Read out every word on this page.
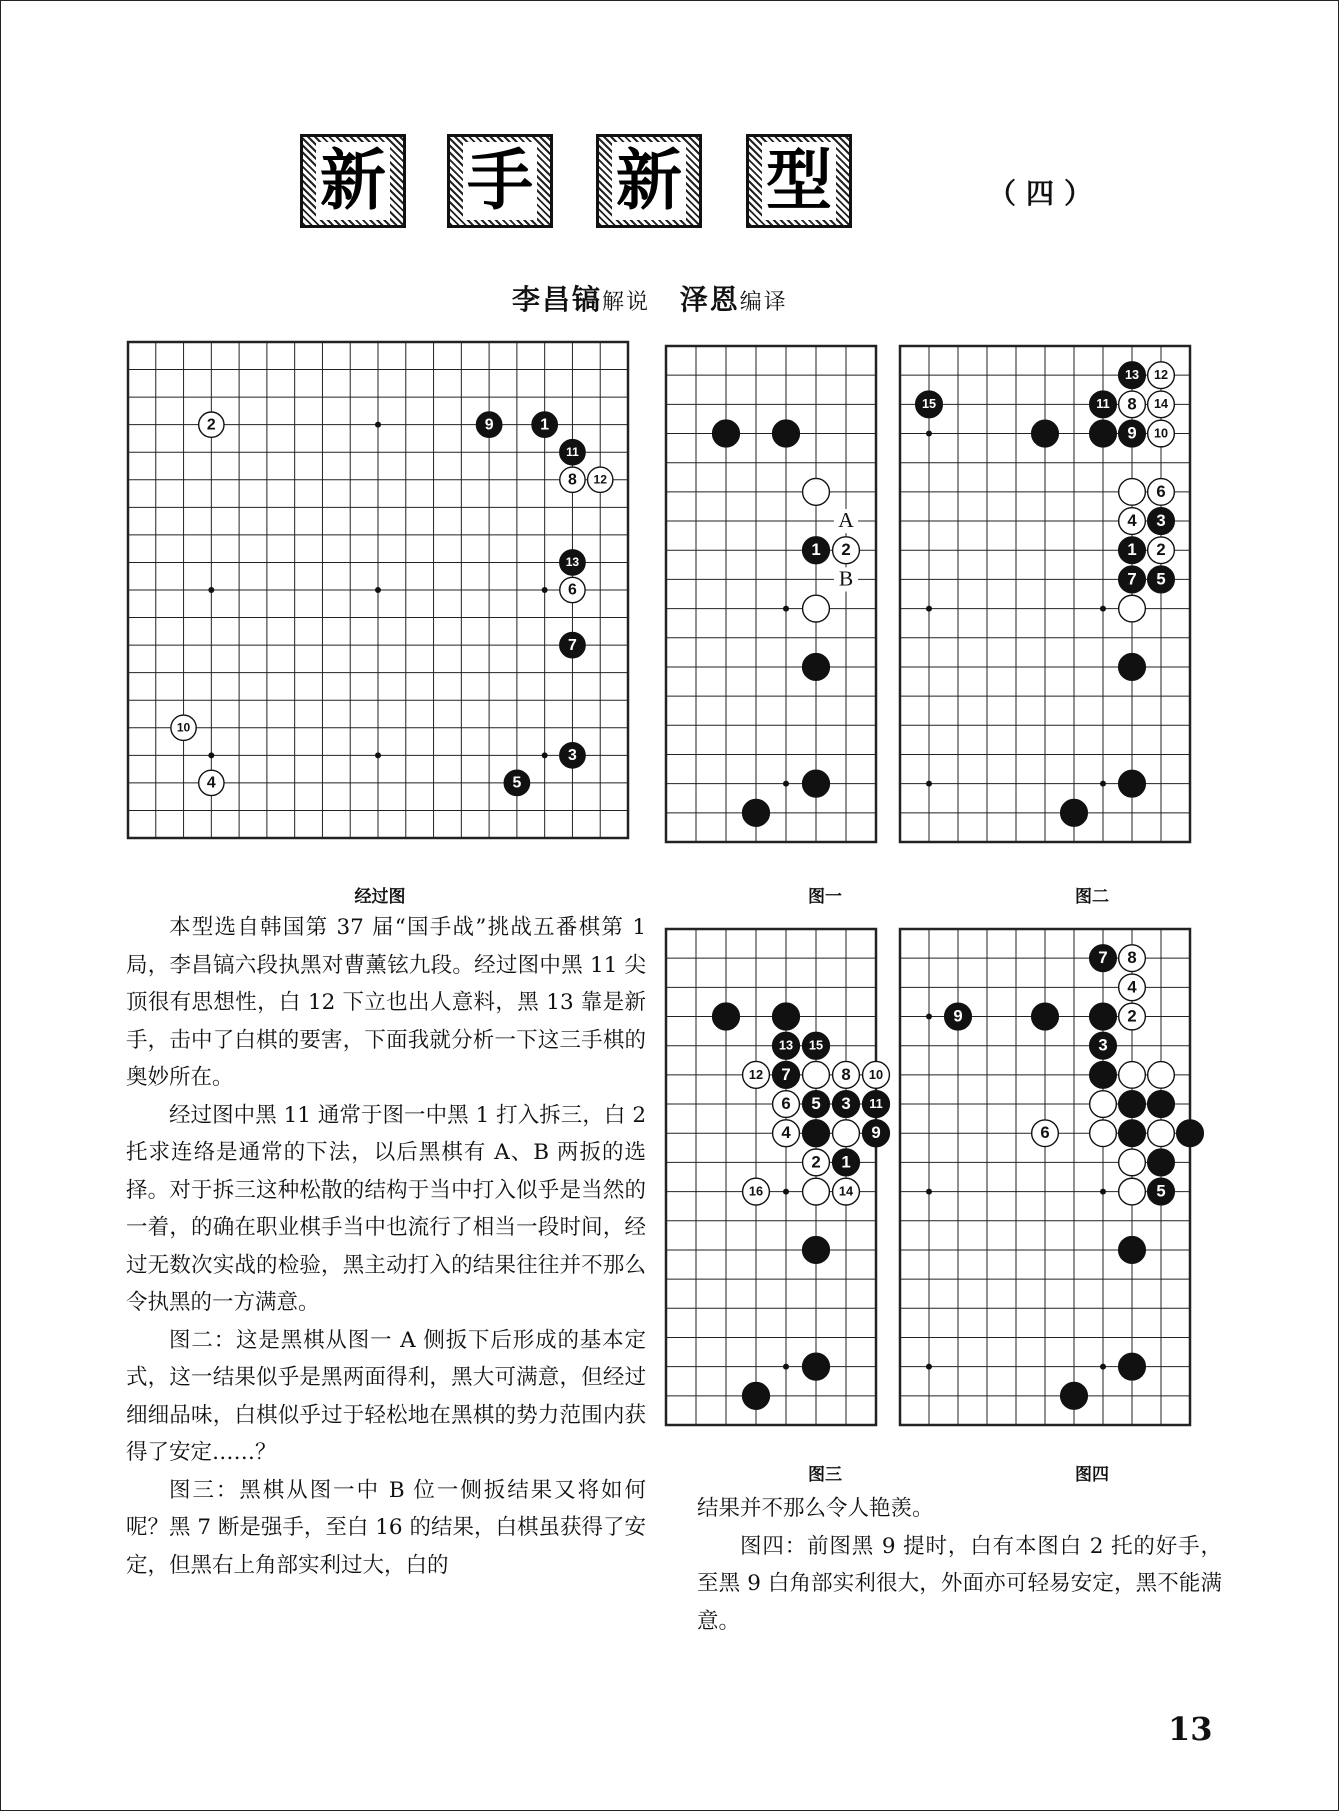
新 手 新 型	（四）
李昌镐解说 泽恩编译
2	9	1
11
8 12
13
6
7
10
3
4	5
1 2
A
B
13 12
15	11 8 14
9 10
6
4 3
1 2
7 5
13 15
12 7	8 10
6 5 3 11
4	9
2 1
16	14
7 8
4
9	2
3
6
5
经过图	图一	图二
图三	图四

本型选自韩国第 37 届“国手战”挑战五番棋第 1 局，李昌镐六段执黑对曹薰铉九段。经过图中黑 11 尖顶很有思想性，白 12 下立也出人意料，黑 13 靠是新手，击中了白棋的要害，下面我就分析一下这三手棋的奥妙所在。

经过图中黑 11 通常于图一中黑 1 打入拆三，白 2 托求连络是通常的下法，以后黑棋有 A、B 两扳的选择。对于拆三这种松散的结构于当中打入似乎是当然的一着，的确在职业棋手当中也流行了相当一段时间，经过无数次实战的检验，黑主动打入的结果往往并不那么令执黑的一方满意。

图二：这是黑棋从图一 A 侧扳下后形成的基本定式，这一结果似乎是黑两面得利，黑大可满意，但经过细细品味，白棋似乎过于轻松地在黑棋的势力范围内获得了安定……？

图三：黑棋从图一中 B 位一侧扳结果又将如何呢？黑 7 断是强手，至白 16 的结果，白棋虽获得了安定，但黑右上角部实利过大，白的

结果并不那么令人艳羡。

图四：前图黑 9 提时，白有本图白 2 托的好手，至黑 9 白角部实利很大，外面亦可轻易安定，黑不能满意。

13
